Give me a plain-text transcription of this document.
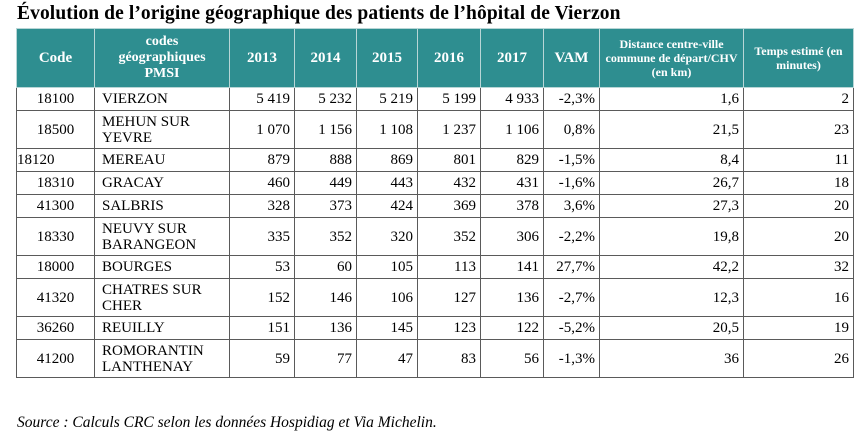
Évolution de l’origine géographique des patients de l’hôpital de Vierzon
Code	codes géographiques PMSI	2013	2014	2015	2016	2017	VAM	Distance centre-ville commune de départ/CHV (en km)	Temps estimé (en minutes)
18100	VIERZON	5 419	5 232	5 219	5 199	4 933	-2,3%	1,6	2
18500	MEHUN SUR YEVRE	1 070	1 156	1 108	1 237	1 106	0,8%	21,5	23
18120	MEREAU	879	888	869	801	829	-1,5%	8,4	11
18310	GRACAY	460	449	443	432	431	-1,6%	26,7	18
41300	SALBRIS	328	373	424	369	378	3,6%	27,3	20
18330	NEUVY SUR BARANGEON	335	352	320	352	306	-2,2%	19,8	20
18000	BOURGES	53	60	105	113	141	27,7%	42,2	32
41320	CHATRES SUR CHER	152	146	106	127	136	-2,7%	12,3	16
36260	REUILLY	151	136	145	123	122	-5,2%	20,5	19
41200	ROMORANTIN LANTHENAY	59	77	47	83	56	-1,3%	36	26
Source : Calculs CRC selon les données Hospidiag et Via Michelin.
